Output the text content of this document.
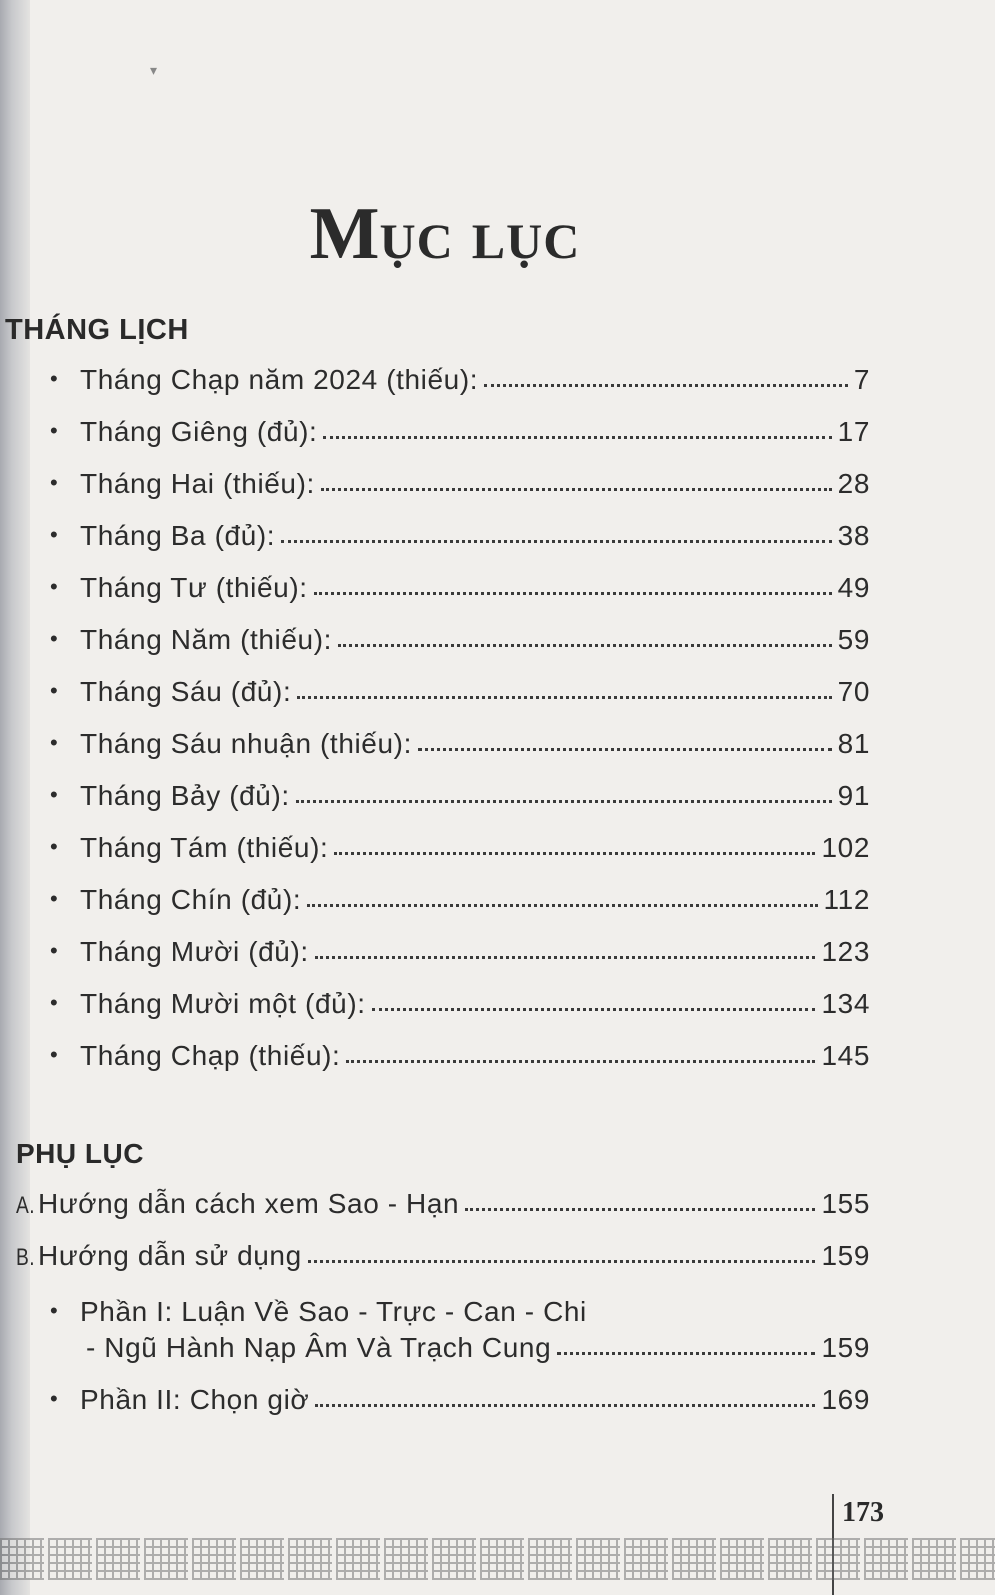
▾
MỤC LỤC
THÁNG LỊCH
• Tháng Chạp năm 2024 (thiếu):	7
• Tháng Giêng (đủ):	17
• Tháng Hai (thiếu):	28
• Tháng Ba (đủ):	38
• Tháng Tư (thiếu):	49
• Tháng Năm (thiếu):	59
• Tháng Sáu (đủ):	70
• Tháng Sáu nhuận (thiếu):	81
• Tháng Bảy (đủ):	91
• Tháng Tám (thiếu):	102
• Tháng Chín (đủ):	112
• Tháng Mười (đủ):	123
• Tháng Mười một (đủ):	134
• Tháng Chạp (thiếu):	145
PHỤ LỤC
A. Hướng dẫn cách xem Sao - Hạn	155
B. Hướng dẫn sử dụng	159
• Phần I: Luận Về Sao - Trực - Can - Chi
- Ngũ Hành Nạp Âm Và Trạch Cung	159
• Phần II: Chọn giờ	169
173
